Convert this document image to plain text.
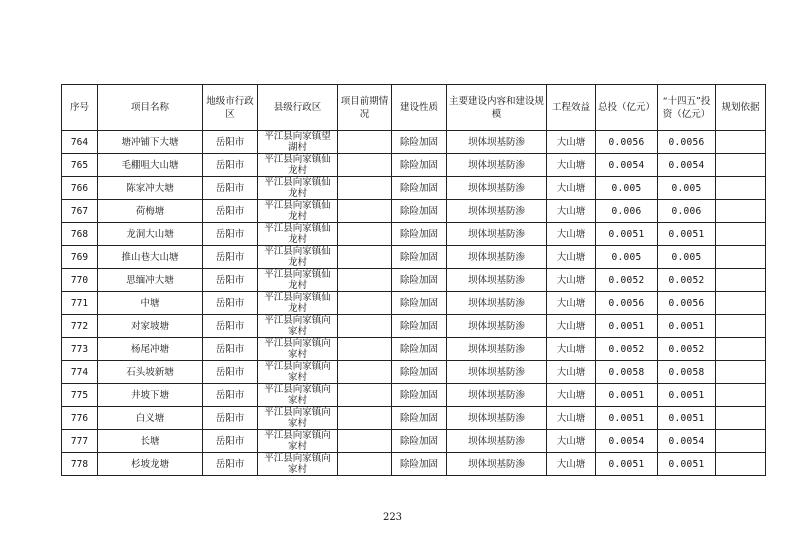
序号	项目名称	地级市行政区	县级行政区	项目前期情况	建设性质	主要建设内容和建设规模	工程效益	总投（亿元）	“十四五”投资（亿元）	规划依据
764	塘冲铺下大塘	岳阳市	平江县向家镇望湖村		除险加固	坝体坝基防渗	大山塘	0.0056	0.0056	
765	毛棚咀大山塘	岳阳市	平江县向家镇仙龙村		除险加固	坝体坝基防渗	大山塘	0.0054	0.0054	
766	陈家冲大塘	岳阳市	平江县向家镇仙龙村		除险加固	坝体坝基防渗	大山塘	0.005	0.005	
767	荷梅塘	岳阳市	平江县向家镇仙龙村		除险加固	坝体坝基防渗	大山塘	0.006	0.006	
768	龙洞大山塘	岳阳市	平江县向家镇仙龙村		除险加固	坝体坝基防渗	大山塘	0.0051	0.0051	
769	推山巷大山塘	岳阳市	平江县向家镇仙龙村		除险加固	坝体坝基防渗	大山塘	0.005	0.005	
770	思缅冲大塘	岳阳市	平江县向家镇仙龙村		除险加固	坝体坝基防渗	大山塘	0.0052	0.0052	
771	中塘	岳阳市	平江县向家镇仙龙村		除险加固	坝体坝基防渗	大山塘	0.0056	0.0056	
772	对家坡塘	岳阳市	平江县向家镇向家村		除险加固	坝体坝基防渗	大山塘	0.0051	0.0051	
773	杨尾冲塘	岳阳市	平江县向家镇向家村		除险加固	坝体坝基防渗	大山塘	0.0052	0.0052	
774	石头坡新塘	岳阳市	平江县向家镇向家村		除险加固	坝体坝基防渗	大山塘	0.0058	0.0058	
775	井坡下塘	岳阳市	平江县向家镇向家村		除险加固	坝体坝基防渗	大山塘	0.0051	0.0051	
776	白义塘	岳阳市	平江县向家镇向家村		除险加固	坝体坝基防渗	大山塘	0.0051	0.0051	
777	长塘	岳阳市	平江县向家镇向家村		除险加固	坝体坝基防渗	大山塘	0.0054	0.0054	
778	杉坡龙塘	岳阳市	平江县向家镇向家村		除险加固	坝体坝基防渗	大山塘	0.0051	0.0051	
223
